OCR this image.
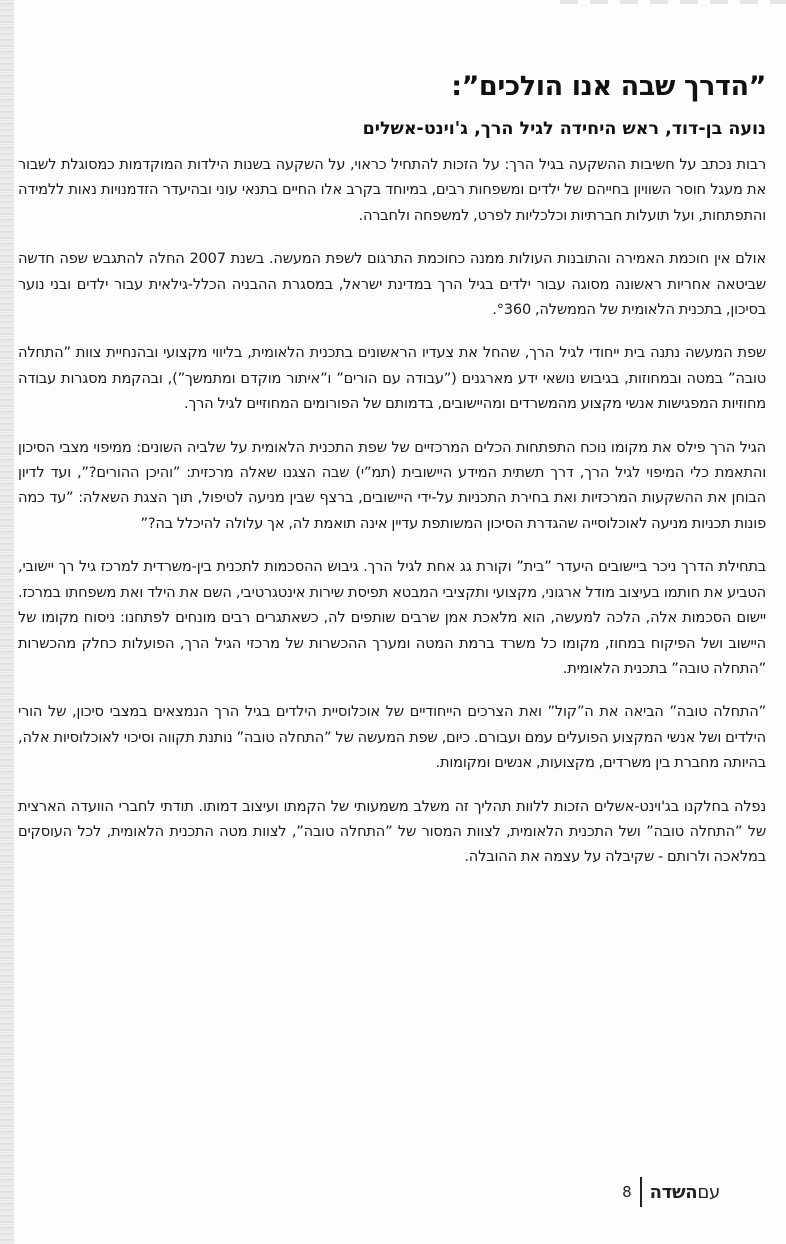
”הדרך שבה אנו הולכים”:
נועה בן-דוד, ראש היחידה לגיל הרך, ג'וינט-אשלים

רבות נכתב על חשיבות ההשקעה בגיל הרך: על הזכות להתחיל כראוי, על השקעה בשנות הילדות המוקדמות כמסוגלת לשבור את מעגל חוסר השוויון בחייהם של ילדים ומשפחות רבים, במיוחד בקרב אלו החיים בתנאי עוני ובהיעדר הזדמנויות נאות ללמידה והתפתחות, ועל תועלות חברתיות וכלכליות לפרט, למשפחה ולחברה.

אולם אין חוכמת האמירה והתובנות העולות ממנה כחוכמת התרגום לשפת המעשה. בשנת 2007 החלה להתגבש שפה חדשה שביטאה אחריות ראשונה מסוגה עבור ילדים בגיל הרך במדינת ישראל, במסגרת ההבניה הכלל-גילאית עבור ילדים ובני נוער בסיכון, בתכנית הלאומית של הממשלה, °360.

שפת המעשה נתנה בית ייחודי לגיל הרך, שהחל את צעדיו הראשונים בתכנית הלאומית, בליווי מקצועי ובהנחיית צוות ”התחלה טובה” במטה ובמחוזות, בגיבוש נושאי ידע מארגנים (”עבודה עם הורים” ו”איתור מוקדם ומתמשך”), ובהקמת מסגרות עבודה מחוזיות המפגישות אנשי מקצוע מהמשרדים ומהיישובים, בדמותם של הפורומים המחוזיים לגיל הרך.

הגיל הרך פילס את מקומו נוכח התפתחות הכלים המרכזיים של שפת התכנית הלאומית על שלביה השונים: ממיפוי מצבי הסיכון והתאמת כלי המיפוי לגיל הרך, דרך תשתית המידע היישובית (תמ”י) שבה הצגנו שאלה מרכזית: ”והיכן ההורים?”, ועד לדיון הבוחן את ההשקעות המרכזיות ואת בחירת התכניות על-ידי היישובים, ברצף שבין מניעה לטיפול, תוך הצגת השאלה: ”עד כמה פונות תכניות מניעה לאוכלוסייה שהגדרת הסיכון המשותפת עדיין אינה תואמת לה, אך עלולה להיכלל בה?”

בתחילת הדרך ניכר ביישובים היעדר ”בית” וקורת גג אחת לגיל הרך. גיבוש ההסכמות לתכנית בין-משרדית למרכז גיל רך יישובי, הטביע את חותמו בעיצוב מודל ארגוני, מקצועי ותקציבי המבטא תפיסת שירות אינטגרטיבי, השם את הילד ואת משפחתו במרכז. יישום הסכמות אלה, הלכה למעשה, הוא מלאכת אמן שרבים שותפים לה, כשאתגרים רבים מונחים לפתחנו: ניסוח מקומו של היישוב ושל הפיקוח במחוז, מקומו כל משרד ברמת המטה ומערך ההכשרות של מרכזי הגיל הרך, הפועלות כחלק מהכשרות ”התחלה טובה” בתכנית הלאומית.

”התחלה טובה” הביאה את ה”קול” ואת הצרכים הייחודיים של אוכלוסיית הילדים בגיל הרך הנמצאים במצבי סיכון, של הורי הילדים ושל אנשי המקצוע הפועלים עמם ועבורם. כיום, שפת המעשה של ”התחלה טובה” נותנת תקווה וסיכוי לאוכלוסיות אלה, בהיותה מחברת בין משרדים, מקצועות, אנשים ומקומות.

נפלה בחלקנו בג'וינט-אשלים הזכות ללוות תהליך זה משלב משמעותי של הקמתו ועיצוב דמותו. תודתי לחברי הוועדה הארצית של ”התחלה טובה” ושל התכנית הלאומית, לצוות המסור של ”התחלה טובה”, לצוות מטה התכנית הלאומית, לכל העוסקים במלאכה ולרותם - שקיבלה על עצמה את ההובלה.

8	עםהשדה
